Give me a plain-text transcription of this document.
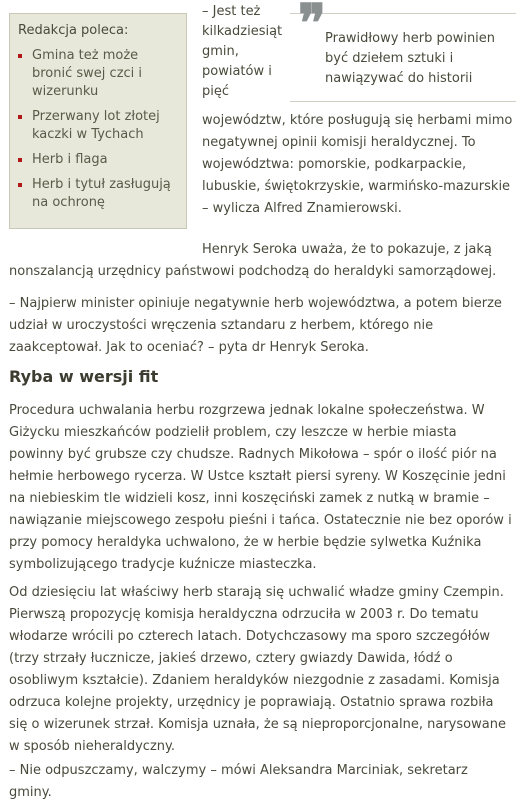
Redakcja poleca:
Gmina też może bronić swej czci i wizerunku
Przerwany lot złotej kaczki w Tychach
Herb i flaga
Herb i tytuł zasługują na ochronę
– Jest też kilkadziesiąt gmin, powiatów i pięć
❞ Prawidłowy herb powinien być dziełem sztuki i nawiązywać do historii
województw, które posługują się herbami mimo negatywnej opinii komisji heraldycznej. To województwa: pomorskie, podkarpackie, lubuskie, świętokrzyskie, warmińsko-mazurskie – wylicza Alfred Znamierowski.

Henryk Seroka uważa, że to pokazuje, z jaką nonszalancją urzędnicy państwowi podchodzą do heraldyki samorządowej.

– Najpierw minister opiniuje negatywnie herb województwa, a potem bierze udział w uroczystości wręczenia sztandaru z herbem, którego nie zaakceptował. Jak to oceniać? – pyta dr Henryk Seroka.

Ryba w wersji fit

Procedura uchwalania herbu rozgrzewa jednak lokalne społeczeństwa. W Giżycku mieszkańców podzielił problem, czy leszcze w herbie miasta powinny być grubsze czy chudsze. Radnych Mikołowa – spór o ilość piór na hełmie herbowego rycerza. W Ustce kształt piersi syreny. W Koszęcinie jedni na niebieskim tle widzieli kosz, inni koszęciński zamek z nutką w bramie – nawiązanie miejscowego zespołu pieśni i tańca. Ostatecznie nie bez oporów i przy pomocy heraldyka uchwalono, że w herbie będzie sylwetka Kuźnika symbolizującego tradycje kuźnicze miasteczka.

Od dziesięciu lat właściwy herb starają się uchwalić władze gminy Czempin. Pierwszą propozycję komisja heraldyczna odrzuciła w 2003 r. Do tematu włodarze wrócili po czterech latach. Dotychczasowy ma sporo szczegółów (trzy strzały łucznicze, jakieś drzewo, cztery gwiazdy Dawida, łódź o osobliwym kształcie). Zdaniem heraldyków niezgodnie z zasadami. Komisja odrzuca kolejne projekty, urzędnicy je poprawiają. Ostatnio sprawa rozbiła się o wizerunek strzał. Komisja uznała, że są nieproporcjonalne, narysowane w sposób nieheraldyczny.

– Nie odpuszczamy, walczymy – mówi Aleksandra Marciniak, sekretarz gminy.
